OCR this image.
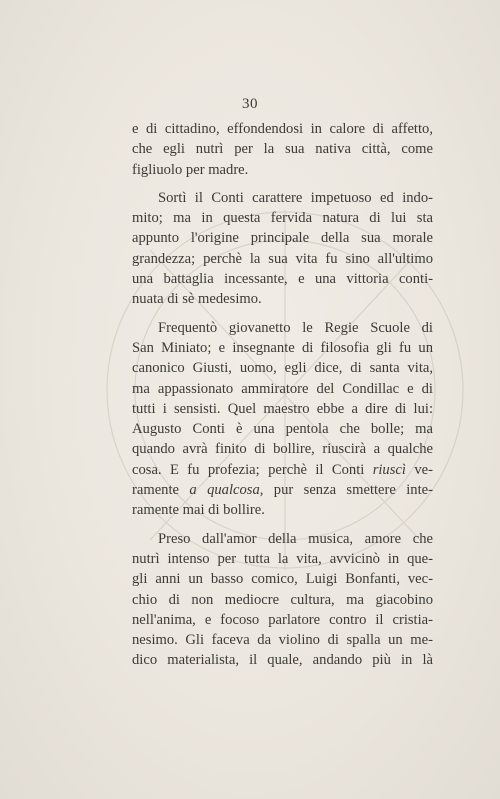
30

e di cittadino, effondendosi in calore di affetto,
che egli nutrì per la sua nativa città, come
figliuolo per madre.

Sortì il Conti carattere impetuoso ed indo-
mito; ma in questa fervida natura di lui sta
appunto l'origine principale della sua morale
grandezza; perchè la sua vita fu sino all'ultimo
una battaglia incessante, e una vittoria conti-
nuata di sè medesimo.

Frequentò giovanetto le Regie Scuole di
San Miniato; e insegnante di filosofia gli fu un
canonico Giusti, uomo, egli dice, di santa vita,
ma appassionato ammiratore del Condillac e di
tutti i sensisti. Quel maestro ebbe a dire di lui:
Augusto Conti è una pentola che bolle; ma
quando avrà finito di bollire, riuscirà a qualche
cosa. E fu profezia; perchè il Conti riuscì ve-
ramente a qualcosa, pur senza smettere inte-
ramente mai di bollire.

Preso dall'amor della musica, amore che
nutrì intenso per tutta la vita, avvicinò in que-
gli anni un basso comico, Luigi Bonfanti, vec-
chio di non mediocre cultura, ma giacobino
nell'anima, e focoso parlatore contro il cristia-
nesimo. Gli faceva da violino di spalla un me-
dico materialista, il quale, andando più in là
